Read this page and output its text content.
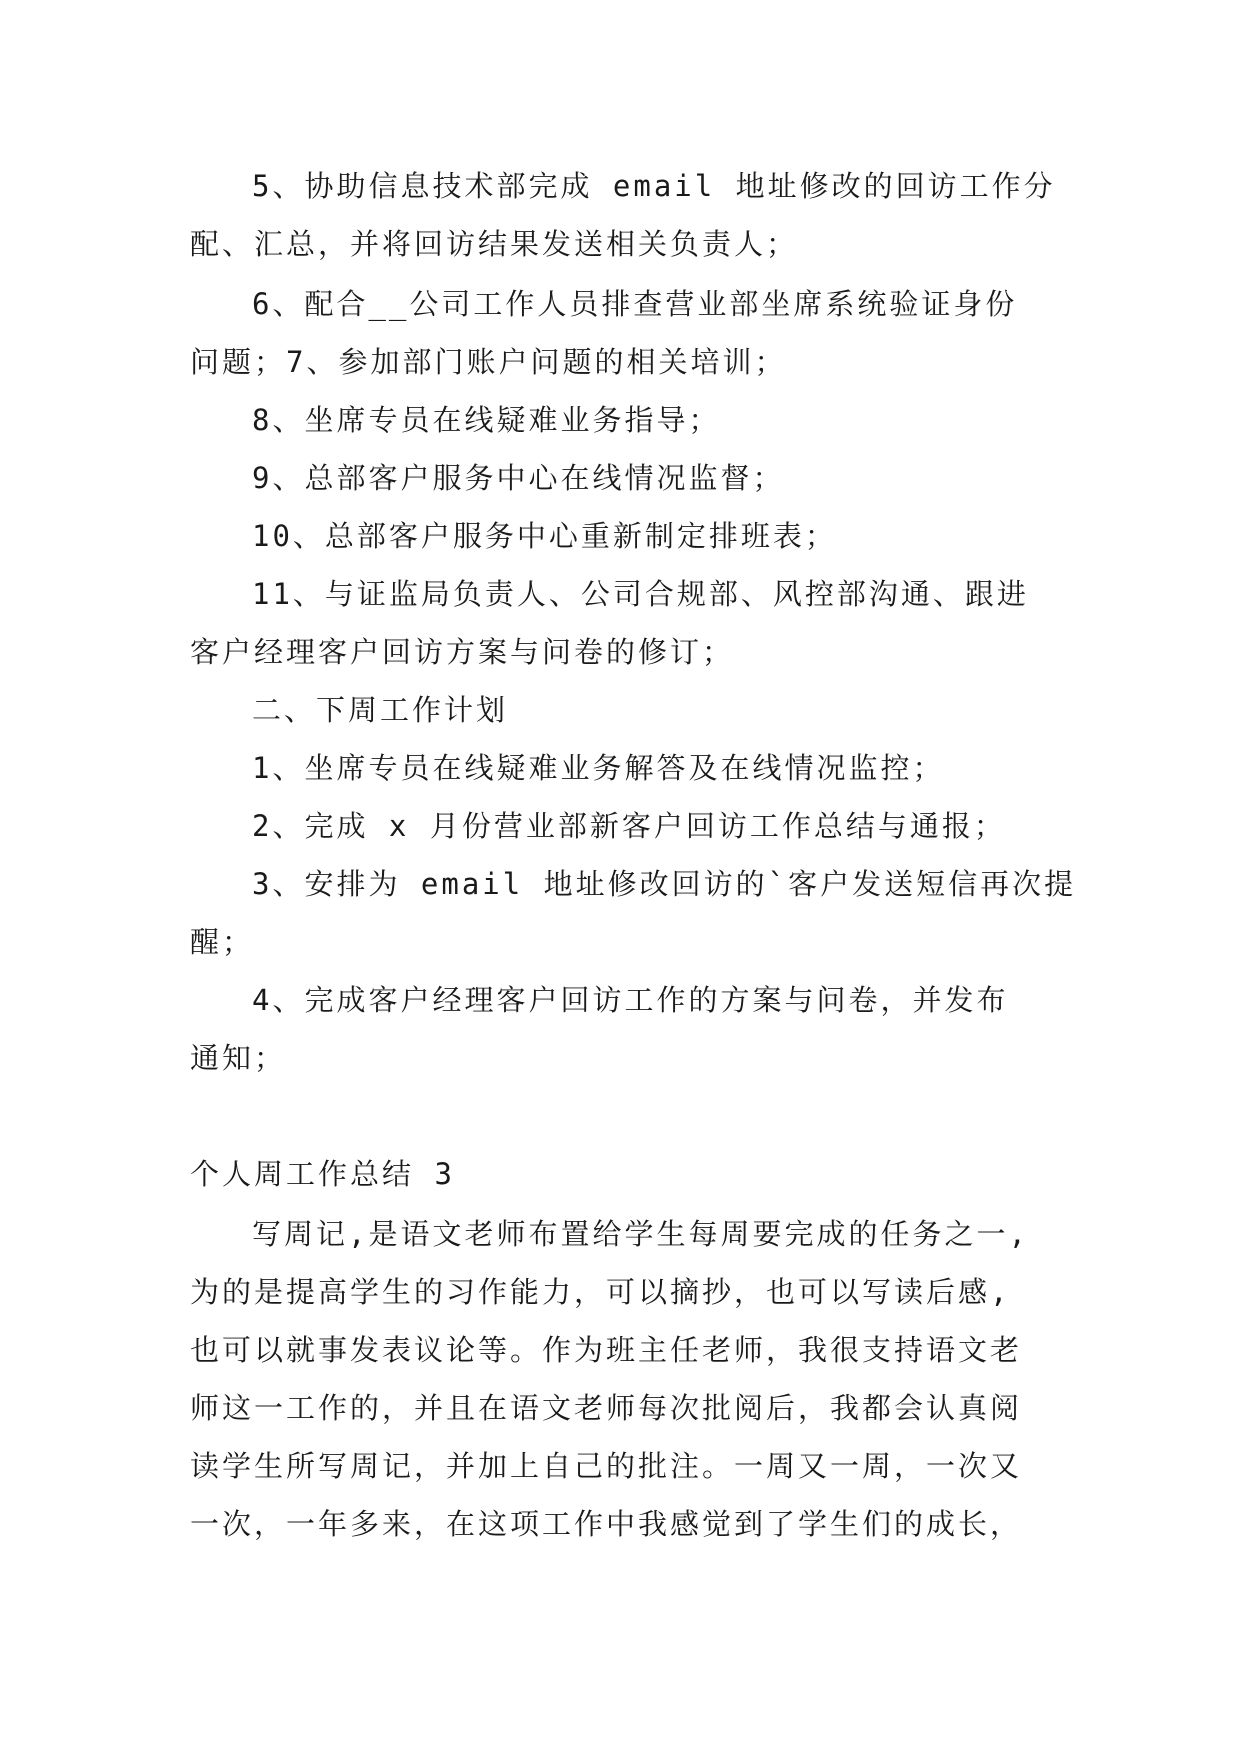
5、协助信息技术部完成 email 地址修改的回访工作分
配、汇总，并将回访结果发送相关负责人；
6、配合__公司工作人员排查营业部坐席系统验证身份
问题；7、参加部门账户问题的相关培训；
8、坐席专员在线疑难业务指导；
9、总部客户服务中心在线情况监督；
10、总部客户服务中心重新制定排班表；
11、与证监局负责人、公司合规部、风控部沟通、跟进
客户经理客户回访方案与问卷的修订；
二、下周工作计划
1、坐席专员在线疑难业务解答及在线情况监控；
2、完成 x 月份营业部新客户回访工作总结与通报；
3、安排为 email 地址修改回访的`客户发送短信再次提
醒；
4、完成客户经理客户回访工作的方案与问卷，并发布
通知；
个人周工作总结 3
写周记,是语文老师布置给学生每周要完成的任务之一,
为的是提高学生的习作能力，可以摘抄，也可以写读后感,
也可以就事发表议论等。作为班主任老师，我很支持语文老
师这一工作的，并且在语文老师每次批阅后，我都会认真阅
读学生所写周记，并加上自己的批注。一周又一周，一次又
一次，一年多来，在这项工作中我感觉到了学生们的成长，
